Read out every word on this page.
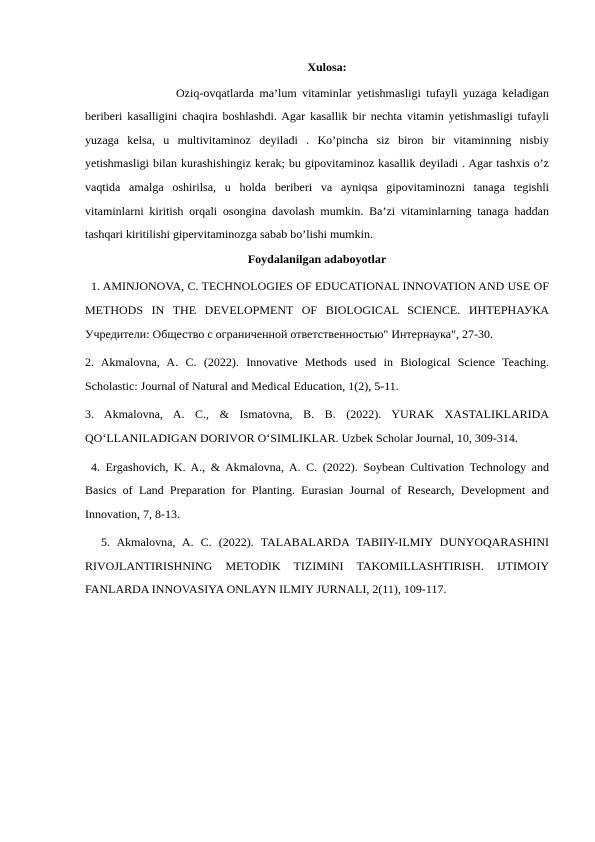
Xulosa:

Oziq-ovqatlarda ma’lum vitaminlar yetishmasligi tufayli yuzaga keladigan beriberi kasalligini chaqira boshlashdi. Agar kasallik bir nechta vitamin yetishmasligi tufayli yuzaga kelsa, u multivitaminoz deyiladi . Ko’pincha siz biron bir vitaminning nisbiy yetishmasligi bilan kurashishingiz kerak; bu gipovitaminoz kasallik deyiladi . Agar tashxis o’z vaqtida amalga oshirilsa, u holda beriberi va ayniqsa gipovitaminozni tanaga tegishli vitaminlarni kiritish orqali osongina davolash mumkin. Ba’zi vitaminlarning tanaga haddan tashqari kiritilishi gipervitaminozga sabab bo’lishi mumkin.

Foydalanilgan adaboyotlar

1. AMINJONOVA, C. TECHNOLOGIES OF EDUCATIONAL INNOVATION AND USE OF METHODS IN THE DEVELOPMENT OF BIOLOGICAL SCIENCE. ИНТЕРНАУКА Учредители: Общество с ограниченной ответственностью" Интернаука", 27-30.

2. Akmalovna, A. C. (2022). Innovative Methods used in Biological Science Teaching. Scholastic: Journal of Natural and Medical Education, 1(2), 5-11.

3. Akmalovna, A. C., & Ismatovna, B. B. (2022). YURAK XASTALIKLARIDA QO‘LLANILADIGAN DORIVOR O‘SIMLIKLAR. Uzbek Scholar Journal, 10, 309-314.

4. Ergashovich, K. A., & Akmalovna, A. C. (2022). Soybean Cultivation Technology and Basics of Land Preparation for Planting. Eurasian Journal of Research, Development and Innovation, 7, 8-13.

5. Akmalovna, A. C. (2022). TALABALARDA TABIIY-ILMIY DUNYOQARASHINI RIVOJLANTIRISHNING METODIK TIZIMINI TAKOMILLASHTIRISH. IJTIMOIY FANLARDA INNOVASIYA ONLAYN ILMIY JURNALI, 2(11), 109-117.
